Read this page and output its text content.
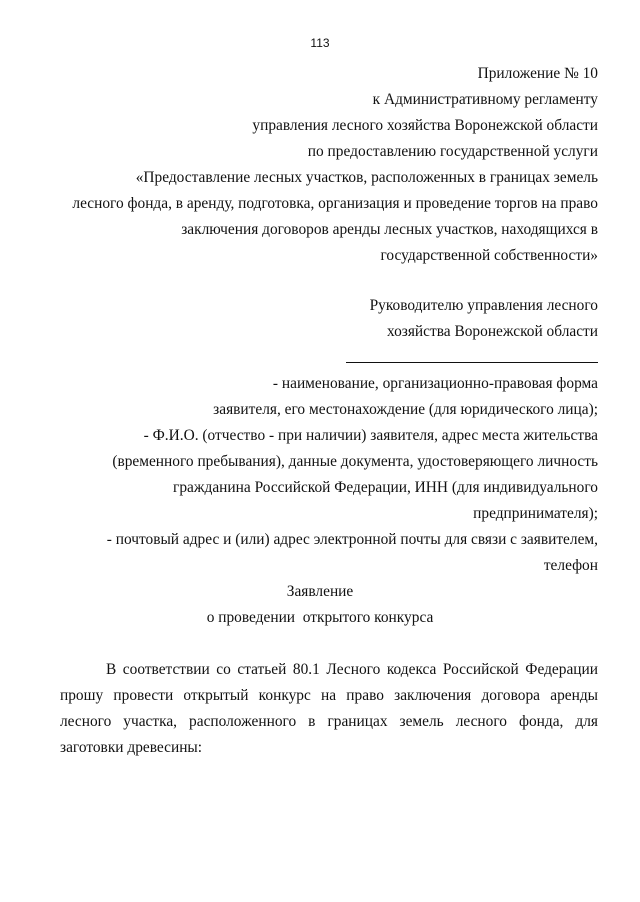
113
Приложение № 10
к Административному регламенту
управления лесного хозяйства Воронежской области
по предоставлению государственной услуги
«Предоставление лесных участков, расположенных в границах земель
лесного фонда, в аренду, подготовка, организация и проведение торгов на право
заключения договоров аренды лесных участков, находящихся в
государственной собственности»
Руководителю управления лесного
хозяйства Воронежской области
- наименование, организационно-правовая форма
заявителя, его местонахождение (для юридического лица);
- Ф.И.О. (отчество - при наличии) заявителя, адрес места жительства
(временного пребывания), данные документа, удостоверяющего личность
гражданина Российской Федерации, ИНН (для индивидуального
предпринимателя);
- почтовый адрес и (или) адрес электронной почты для связи с заявителем,
телефон
Заявление
о проведении  открытого конкурса
В соответствии со статьей 80.1 Лесного кодекса Российской Федерации
прошу провести открытый конкурс на право заключения договора аренды
лесного участка, расположенного в границах земель лесного фонда, для
заготовки древесины:
